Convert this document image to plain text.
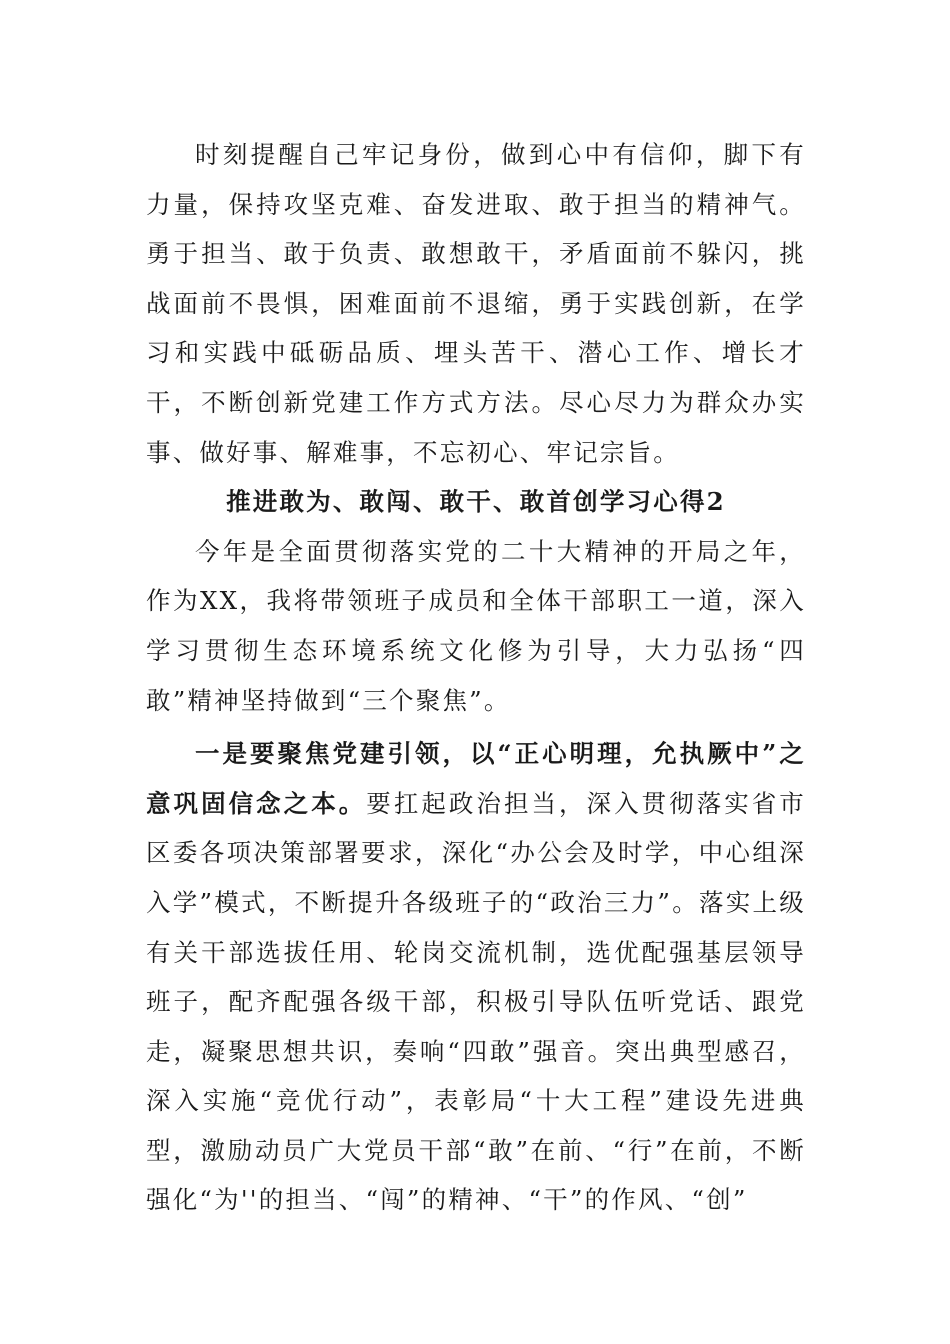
时刻提醒自己牢记身份，做到心中有信仰，脚下有力量，保持攻坚克难、奋发进取、敢于担当的精神气。勇于担当、敢于负责、敢想敢干，矛盾面前不躲闪，挑战面前不畏惧，困难面前不退缩，勇于实践创新，在学习和实践中砥砺品质、埋头苦干、潜心工作、增长才干，不断创新党建工作方式方法。尽心尽力为群众办实事、做好事、解难事，不忘初心、牢记宗旨。

推进敢为、敢闯、敢干、敢首创学习心得2

今年是全面贯彻落实党的二十大精神的开局之年，作为XX，我将带领班子成员和全体干部职工一道，深入学习贯彻生态环境系统文化修为引导，大力弘扬“四敢”精神坚持做到“三个聚焦”。

一是要聚焦党建引领，以“正心明理，允执厥中”之意巩固信念之本。要扛起政治担当，深入贯彻落实省市区委各项决策部署要求，深化“办公会及时学，中心组深入学”模式，不断提升各级班子的“政治三力”。落实上级有关干部选拔任用、轮岗交流机制，选优配强基层领导班子，配齐配强各级干部，积极引导队伍听党话、跟党走，凝聚思想共识，奏响“四敢”强音。突出典型感召，深入实施“竞优行动”，表彰局“十大工程”建设先进典型，激励动员广大党员干部“敢”在前、“行”在前，不断强化“为''的担当、“闯”的精神、“干”的作风、“创”
